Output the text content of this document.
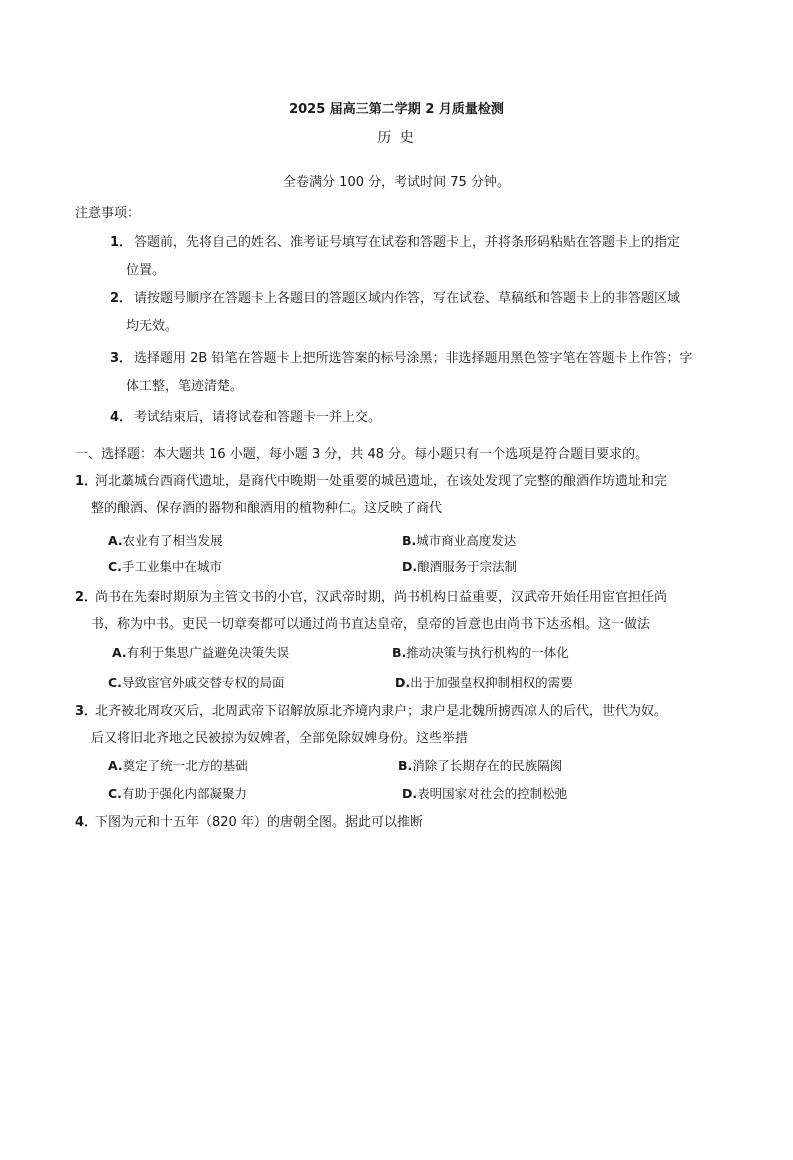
2025 届高三第二学期 2 月质量检测
历 史
全卷满分 100 分，考试时间 75 分钟。
注意事项：
1． 答题前，先将自己的姓名、准考证号填写在试卷和答题卡上，并将条形码粘贴在答题卡上的指定
位置。
2． 请按题号顺序在答题卡上各题目的答题区域内作答，写在试卷、草稿纸和答题卡上的非答题区域
均无效。
3． 选择题用 2B 铅笔在答题卡上把所选答案的标号涂黑；非选择题用黑色签字笔在答题卡上作答；字
体工整，笔迹清楚。
4． 考试结束后，请将试卷和答题卡一并上交。
一、选择题：本大题共 16 小题，每小题 3 分，共 48 分。每小题只有一个选项是符合题目要求的。
1．
河北藁城台西商代遗址，是商代中晚期一处重要的城邑遗址，在该处发现了完整的酿酒作坊遗址和完
整的酿酒、保存酒的器物和酿酒用的植物种仁。这反映了商代
A.农业有了相当发展	B.城市商业高度发达
C.手工业集中在城市	D.酿酒服务于宗法制
2．
尚书在先秦时期原为主管文书的小官，汉武帝时期，尚书机构日益重要，汉武帝开始任用宦官担任尚
书，称为中书。吏民一切章奏都可以通过尚书直达皇帝，皇帝的旨意也由尚书下达丞相。这一做法
A.有利于集思广益避免决策失误	B.推动决策与执行机构的一体化
C.导致宦官外戚交替专权的局面	D.出于加强皇权抑制相权的需要
3．
北齐被北周攻灭后，北周武帝下诏解放原北齐境内隶户；隶户是北魏所掳西凉人的后代，世代为奴。
后又将旧北齐地之民被掠为奴婢者，全部免除奴婢身份。这些举措
A.奠定了统一北方的基础	B.消除了长期存在的民族隔阂
C.有助于强化内部凝聚力	D.表明国家对社会的控制松弛
4．
下图为元和十五年（820 年）的唐朝全图。据此可以推断
